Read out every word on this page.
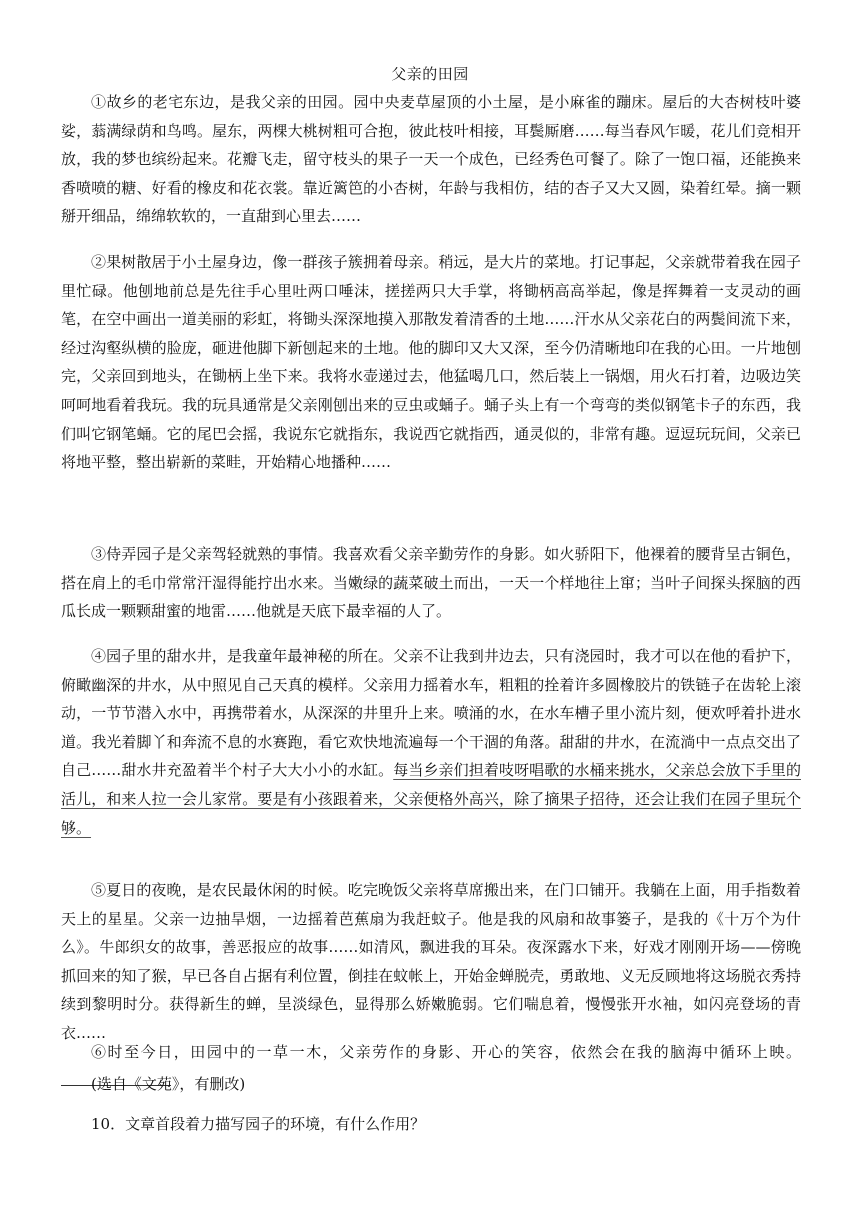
父亲的田园

①故乡的老宅东边，是我父亲的田园。园中央麦草屋顶的小土屋，是小麻雀的蹦床。屋后的大杏树枝叶婆娑，蓊满绿荫和鸟鸣。屋东，两棵大桃树粗可合抱，彼此枝叶相接，耳鬓厮磨……每当春风乍暖，花儿们竞相开放，我的梦也缤纷起来。花瓣飞走，留守枝头的果子一天一个成色，已经秀色可餐了。除了一饱口福，还能换来香喷喷的糖、好看的橡皮和花衣裳。靠近篱笆的小杏树，年龄与我相仿，结的杏子又大又圆，染着红晕。摘一颗掰开细品，绵绵软软的，一直甜到心里去……

②果树散居于小土屋身边，像一群孩子簇拥着母亲。稍远，是大片的菜地。打记事起，父亲就带着我在园子里忙碌。他刨地前总是先往手心里吐两口唾沫，搓搓两只大手掌，将锄柄高高举起，像是挥舞着一支灵动的画笔，在空中画出一道美丽的彩虹，将锄头深深地摸入那散发着清香的土地……汗水从父亲花白的两鬓间流下来，经过沟壑纵横的脸庞，砸进他脚下新刨起来的土地。他的脚印又大又深，至今仍清晰地印在我的心田。一片地刨完，父亲回到地头，在锄柄上坐下来。我将水壶递过去，他猛喝几口，然后装上一锅烟，用火石打着，边吸边笑呵呵地看着我玩。我的玩具通常是父亲刚刨出来的豆虫或蛹子。蛹子头上有一个弯弯的类似钢笔卡子的东西，我们叫它钢笔蛹。它的尾巴会摇，我说东它就指东，我说西它就指西，通灵似的，非常有趣。逗逗玩玩间，父亲已将地平整，整出崭新的菜畦，开始精心地播种……

③侍弄园子是父亲驾轻就熟的事情。我喜欢看父亲辛勤劳作的身影。如火骄阳下，他裸着的腰背呈古铜色，搭在肩上的毛巾常常汗湿得能拧出水来。当嫩绿的蔬菜破土而出，一天一个样地往上窜；当叶子间探头探脑的西瓜长成一颗颗甜蜜的地雷……他就是天底下最幸福的人了。

④园子里的甜水井，是我童年最神秘的所在。父亲不让我到井边去，只有浇园时，我才可以在他的看护下，俯瞰幽深的井水，从中照见自己天真的模样。父亲用力摇着水车，粗粗的拴着许多圆橡胶片的铁链子在齿轮上滚动，一节节潜入水中，再携带着水，从深深的井里升上来。喷涌的水，在水车槽子里小流片刻，便欢呼着扑进水道。我光着脚丫和奔流不息的水赛跑，看它欢快地流遍每一个干涸的角落。甜甜的井水，在流淌中一点点交出了自己……甜水井充盈着半个村子大大小小的水缸。每当乡亲们担着吱呀唱歌的水桶来挑水，父亲总会放下手里的活儿，和来人拉一会儿家常。要是有小孩跟着来，父亲便格外高兴，除了摘果子招待，还会让我们在园子里玩个够。

⑤夏日的夜晚，是农民最休闲的时候。吃完晚饭父亲将草席搬出来，在门口铺开。我躺在上面，用手指数着天上的星星。父亲一边抽旱烟，一边摇着芭蕉扇为我赶蚊子。他是我的风扇和故事篓子，是我的《十万个为什么》。牛郎织女的故事，善恶报应的故事……如清风，飘进我的耳朵。夜深露水下来，好戏才刚刚开场——傍晚抓回来的知了猴，早已各自占据有利位置，倒挂在蚊帐上，开始金蝉脱壳，勇敢地、义无反顾地将这场脱衣秀持续到黎明时分。获得新生的蝉，呈淡绿色，显得那么娇嫩脆弱。它们喘息着，慢慢张开水袖，如闪亮登场的青衣……

⑥时至今日，田园中的一草一木，父亲劳作的身影、开心的笑容，依然会在我的脑海中循环上映。

(选自《文苑》，有删改)
10．文章首段着力描写园子的环境，有什么作用？
